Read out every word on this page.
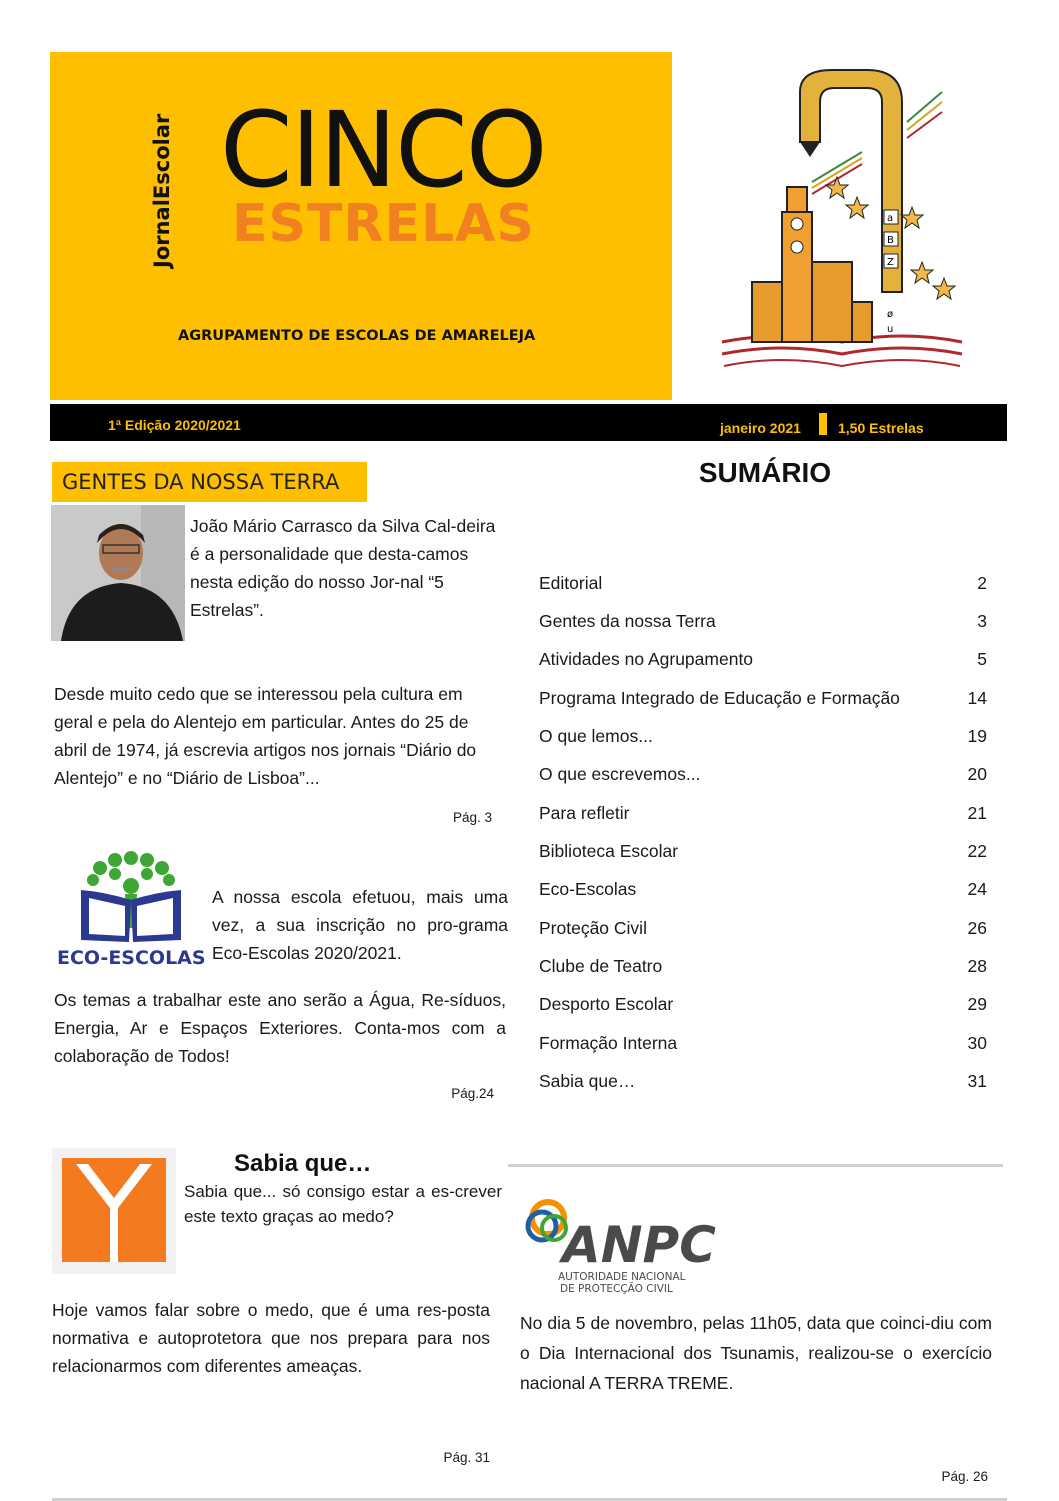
JornalEscolar CINCO
ESTRELAS
AGRUPAMENTO DE ESCOLAS DE AMARELEJA
a
B
Z
ø
u
1ª Edição 2020/2021	janeiro 2021	1,50 Estrelas
GENTES DA NOSSA TERRA
João Mário Carrasco da Silva Cal-deira é a personalidade que desta-camos nesta edição do nosso Jor-nal “5 Estrelas”.
Desde muito cedo que se interessou pela cultura em geral e pela do Alentejo em particular. Antes do 25 de abril de 1974, já escrevia artigos nos jornais “Diário do Alentejo” e no “Diário de Lisboa”...
Pág. 3
ECO-ESCOLAS
A nossa escola efetuou, mais uma vez, a sua inscrição no pro-grama Eco-Escolas 2020/2021.
Os temas a trabalhar este ano serão a Água, Re-síduos, Energia, Ar e Espaços Exteriores. Conta-mos com a colaboração de Todos!
Pág.24
SUMÁRIO
Editorial	2
Gentes da nossa Terra	3
Atividades no Agrupamento	5
Programa Integrado de Educação e Formação	14
O que lemos...	19
O que escrevemos...	20
Para refletir	21
Biblioteca Escolar	22
Eco-Escolas	24
Proteção Civil	26
Clube de Teatro	28
Desporto Escolar	29
Formação Interna	30
Sabia que…	31
Sabia que…
Sabia que... só consigo estar a es-crever este texto graças ao medo?
Hoje vamos falar sobre o medo, que é uma res-posta normativa e autoprotetora que nos prepara para nos relacionarmos com diferentes ameaças.
Pág. 31
ANPC
AUTORIDADE NACIONAL
DE PROTECÇÃO CIVIL
No dia 5 de novembro, pelas 11h05, data que coinci-diu com o Dia Internacional dos Tsunamis, realizou-se o exercício nacional A TERRA TREME.
Pág. 26
